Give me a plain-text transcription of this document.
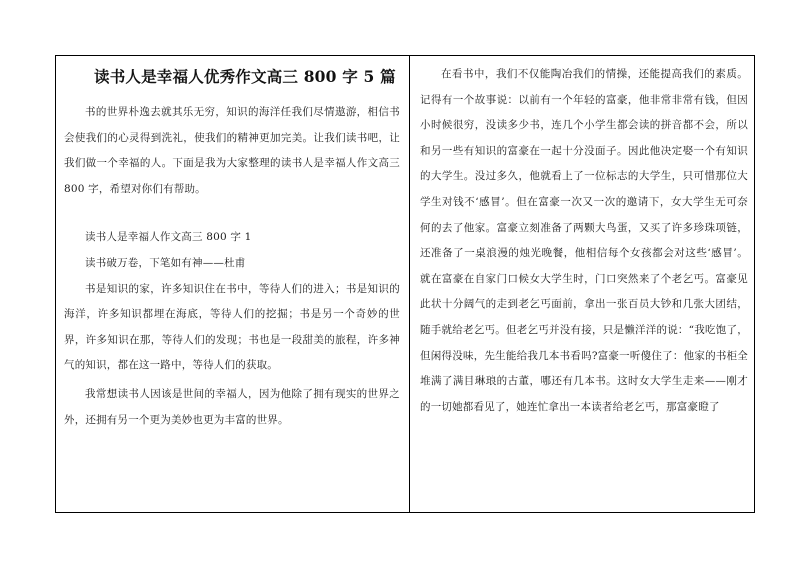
读书人是幸福人优秀作文高三 800 字 5 篇

书的世界朴逸去就其乐无穷，知识的海洋任我们尽情遨游，相信书会使我们的心灵得到洗礼，使我们的精神更加完美。让我们读书吧，让我们做一个幸福的人。下面是我为大家整理的读书人是幸福人作文高三 800 字，希望对你们有帮助。

读书人是幸福人作文高三 800 字 1

读书破万卷，下笔如有神——杜甫

书是知识的家，许多知识住在书中，等待人们的进入；书是知识的海洋，许多知识都埋在海底，等待人们的挖掘；书是另一个奇妙的世界，许多知识在那，等待人们的发现；书也是一段甜美的旅程，许多神气的知识，都在这一路中，等待人们的获取。

我常想读书人因该是世间的幸福人，因为他除了拥有现实的世界之外，还拥有另一个更为美妙也更为丰富的世界。

在看书中，我们不仅能陶冶我们的情操，还能提高我们的素质。记得有一个故事说：以前有一个年轻的富豪，他非常非常有钱，但因小时候很穷，没读多少书，连几个小学生都会读的拼音都不会，所以和另一些有知识的富豪在一起十分没面子。因此他决定娶一个有知识的大学生。没过多久，他就看上了一位标志的大学生，只可惜那位大学生对钱不‘感冒’。但在富豪一次又一次的邀请下，女大学生无可奈何的去了他家。富豪立刻准备了两颗大鸟蛋，又买了许多珍珠项链，还准备了一桌浪漫的烛光晚餐，他相信每个女孩都会对这些‘感冒’。就在富豪在自家门口候女大学生时，门口突然来了个老乞丐。富豪见此状十分阔气的走到老乞丐面前，拿出一张百员大钞和几张大团结，随手就给老乞丐。但老乞丐并没有接，只是懒洋洋的说：“我吃饱了，但闲得没味，先生能给我几本书看吗?富豪一听傻住了：他家的书柜全堆满了满目琳琅的古董，哪还有几本书。这时女大学生走来——刚才的一切她都看见了，她连忙拿出一本读者给老乞丐，那富豪瞪了
